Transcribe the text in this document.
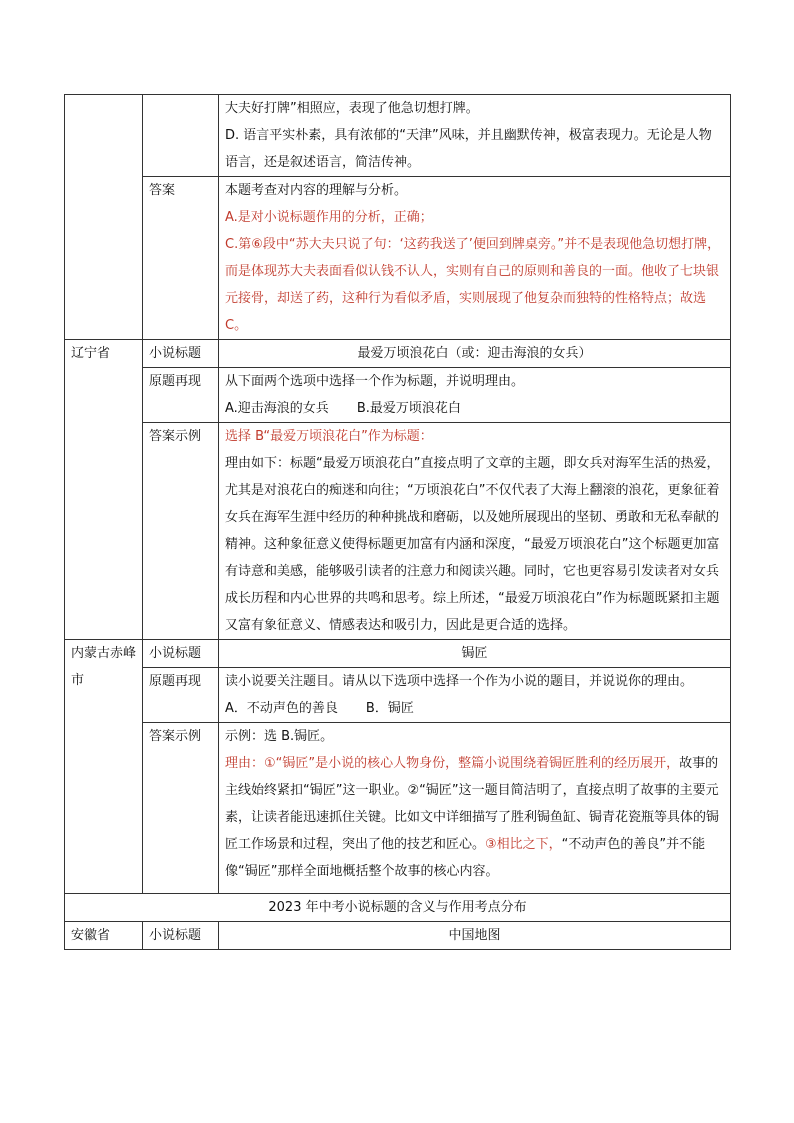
		大夫好打牌”相照应，表现了他急切想打牌。
D. 语言平实朴素，具有浓郁的“天津”风味，并且幽默传神，极富表现力。无论是人物语言，还是叙述语言，简洁传神。

	答案	本题考查对内容的理解与分析。
A.是对小说标题作用的分析，正确；
C.第⑥段中“苏大夫只说了句：‘这药我送了’便回到牌桌旁。”并不是表现他急切想打牌，而是体现苏大夫表面看似认钱不认人，实则有自己的原则和善良的一面。他收了七块银元接骨，却送了药，这种行为看似矛盾，实则展现了他复杂而独特的性格特点；故选C。

辽宁省	小说标题	最爱万顷浪花白（或：迎击海浪的女兵）
	原题再现	从下面两个选项中选择一个作为标题，并说明理由。
A.迎击海浪的女兵 B.最爱万顷浪花白

	答案示例	选择 B“最爱万顷浪花白”作为标题：
理由如下：标题“最爱万顷浪花白”直接点明了文章的主题，即女兵对海军生活的热爱，尤其是对浪花白的痴迷和向往；“万顷浪花白”不仅代表了大海上翻滚的浪花，更象征着女兵在海军生涯中经历的种种挑战和磨砺，以及她所展现出的坚韧、勇敢和无私奉献的精神。这种象征意义使得标题更加富有内涵和深度，“最爱万顷浪花白”这个标题更加富有诗意和美感，能够吸引读者的注意力和阅读兴趣。同时，它也更容易引发读者对女兵成长历程和内心世界的共鸣和思考。综上所述，“最爱万顷浪花白”作为标题既紧扣主题又富有象征意义、情感表达和吸引力，因此是更合适的选择。

内蒙古赤峰市	小说标题	锔匠
	原题再现	读小说要关注题目。请从以下选项中选择一个作为小说的题目，并说说你的理由。
A．不动声色的善良 B．锔匠

	答案示例	示例：选 B.锔匠。
理由：①“锔匠”是小说的核心人物身份，整篇小说围绕着锔匠胜利的经历展开，故事的主线始终紧扣“锔匠”这一职业。②“锔匠”这一题目简洁明了，直接点明了故事的主要元素，让读者能迅速抓住关键。比如文中详细描写了胜利锔鱼缸、锔青花瓷瓶等具体的锔匠工作场景和过程，突出了他的技艺和匠心。③相比之下，“不动声色的善良”并不能像“锔匠”那样全面地概括整个故事的核心内容。

2023 年中考小说标题的含义与作用考点分布		
安徽省	小说标题	中国地图
